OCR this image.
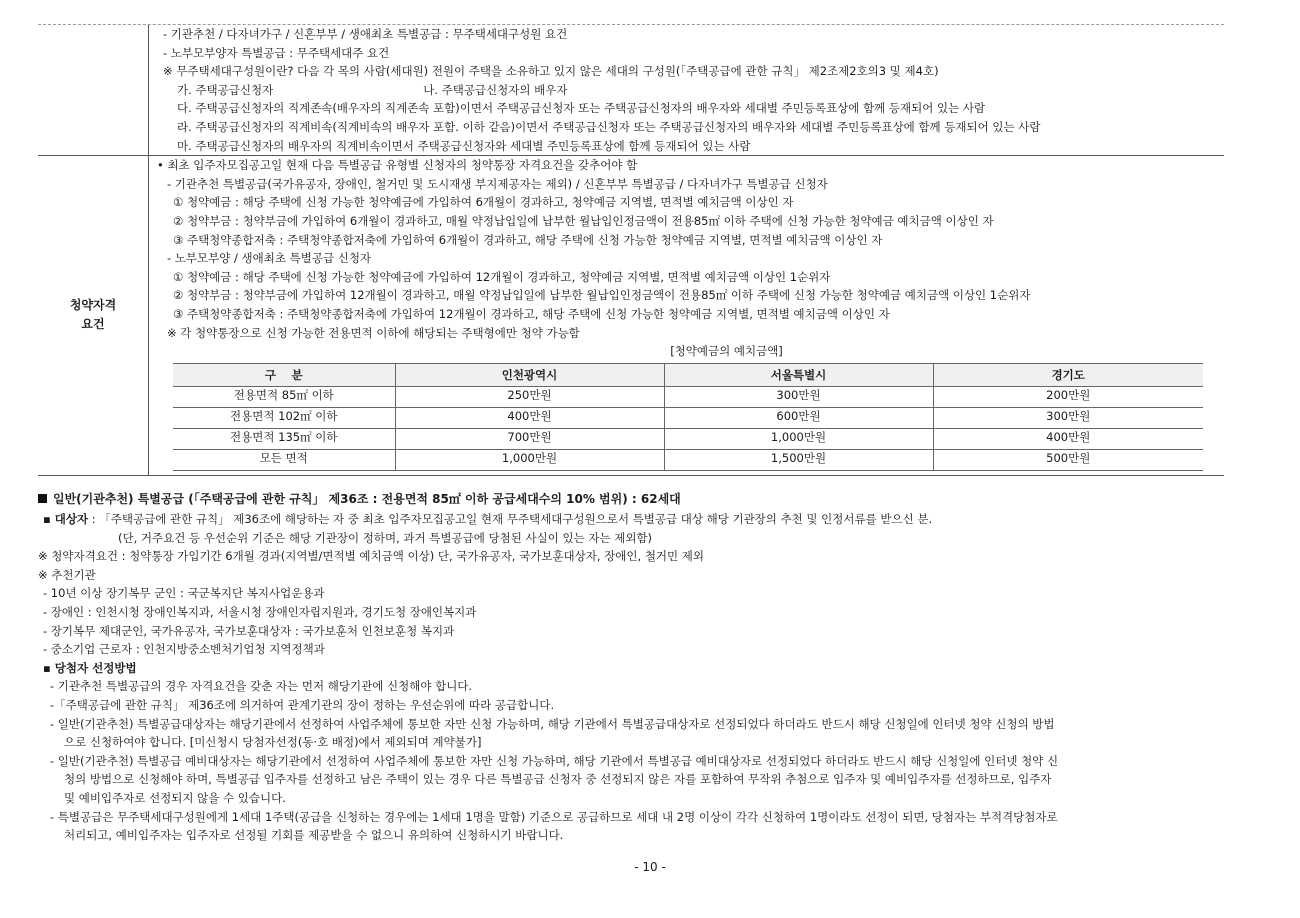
- 기관추천 / 다자녀가구 / 신혼부부 / 생애최초 특별공급 : 무주택세대구성원 요건
- 노부모부양자 특별공급 : 무주택세대주 요건
※ 무주택세대구성원이란? 다음 각 목의 사람(세대원) 전원이 주택을 소유하고 있지 않은 세대의 구성원(「주택공급에 관한 규칙」 제2조제2호의3 및 제4호)
가. 주택공급신청자	나. 주택공급신청자의 배우자
다. 주택공급신청자의 직계존속(배우자의 직계존속 포함)이면서 주택공급신청자 또는 주택공급신청자의 배우자와 세대별 주민등록표상에 함께 등재되어 있는 사람
라. 주택공급신청자의 직계비속(직계비속의 배우자 포함. 이하 같음)이면서 주택공급신청자 또는 주택공급신청자의 배우자와 세대별 주민등록표상에 함께 등재되어 있는 사람
마. 주택공급신청자의 배우자의 직계비속이면서 주택공급신청자와 세대별 주민등록표상에 함께 등재되어 있는 사람

청약자격
요건

• 최초 입주자모집공고일 현재 다음 특별공급 유형별 신청자의 청약통장 자격요건을 갖추어야 함
- 기관추천 특별공급(국가유공자, 장애인, 철거민 및 도시재생 부지제공자는 제외) / 신혼부부 특별공급 / 다자녀가구 특별공급 신청자
① 청약예금 : 해당 주택에 신청 가능한 청약예금에 가입하여 6개월이 경과하고, 청약예금 지역별, 면적별 예치금액 이상인 자
② 청약부금 : 청약부금에 가입하여 6개월이 경과하고, 매월 약정납입일에 납부한 월납입인정금액이 전용85㎡ 이하 주택에 신청 가능한 청약예금 예치금액 이상인 자
③ 주택청약종합저축 : 주택청약종합저축에 가입하여 6개월이 경과하고, 해당 주택에 신청 가능한 청약예금 지역별, 면적별 예치금액 이상인 자
- 노부모부양 / 생애최초 특별공급 신청자
① 청약예금 : 해당 주택에 신청 가능한 청약예금에 가입하여 12개월이 경과하고, 청약예금 지역별, 면적별 예치금액 이상인 1순위자
② 청약부금 : 청약부금에 가입하여 12개월이 경과하고, 매월 약정납입일에 납부한 월납입인정금액이 전용85㎡ 이하 주택에 신청 가능한 청약예금 예치금액 이상인 1순위자
③ 주택청약종합저축 : 주택청약종합저축에 가입하여 12개월이 경과하고, 해당 주택에 신청 가능한 청약예금 지역별, 면적별 예치금액 이상인 자
※ 각 청약통장으로 신청 가능한 전용면적 이하에 해당되는 주택형에만 청약 가능함
[청약예금의 예치금액]
구　 분	인천광역시	서울특별시	경기도
전용면적 85㎡ 이하	250만원	300만원	200만원
전용면적 102㎡ 이하	400만원	600만원	300만원
전용면적 135㎡ 이하	700만원	1,000만원	400만원
모든 면적	1,000만원	1,500만원	500만원
일반(기관추천) 특별공급 (「주택공급에 관한 규칙」 제36조 : 전용면적 85㎡ 이하 공급세대수의 10% 범위) : 62세대
▪ 대상자 : 「주택공급에 관한 규칙」 제36조에 해당하는 자 중 최초 입주자모집공고일 현재 무주택세대구성원으로서 특별공급 대상 해당 기관장의 추천 및 인정서류를 받으신 분.
(단, 거주요건 등 우선순위 기준은 해당 기관장이 정하며, 과거 특별공급에 당첨된 사실이 있는 자는 제외함)
※ 청약자격요건 : 청약통장 가입기간 6개월 경과(지역별/면적별 예치금액 이상) 단, 국가유공자, 국가보훈대상자, 장애인, 철거민 제외
※ 추천기관
- 10년 이상 장기복무 군인 : 국군복지단 복지사업운용과
- 장애인 : 인천시청 장애인복지과, 서울시청 장애인자립지원과, 경기도청 장애인복지과
- 장기복무 제대군인, 국가유공자, 국가보훈대상자 : 국가보훈처 인천보훈청 복지과
- 중소기업 근로자 : 인천지방중소벤처기업청 지역정책과
▪ 당첨자 선정방법
- 기관추천 특별공급의 경우 자격요건을 갖춘 자는 먼저 해당기관에 신청해야 합니다.
-「주택공급에 관한 규칙」 제36조에 의거하여 관계기관의 장이 정하는 우선순위에 따라 공급합니다.
- 일반(기관추천) 특별공급대상자는 해당기관에서 선정하여 사업주체에 통보한 자만 신청 가능하며, 해당 기관에서 특별공급대상자로 선정되었다 하더라도 반드시 해당 신청일에 인터넷 청약 신청의 방법
으로 신청하여야 합니다. [미신청시 당첨자선정(동·호 배정)에서 제외되며 계약불가]
- 일반(기관추천) 특별공급 예비대상자는 해당기관에서 선정하여 사업주체에 통보한 자만 신청 가능하며, 해당 기관에서 특별공급 예비대상자로 선정되었다 하더라도 반드시 해당 신청일에 인터넷 청약 신
청의 방법으로 신청해야 하며, 특별공급 입주자를 선정하고 남은 주택이 있는 경우 다른 특별공급 신청자 중 선정되지 않은 자를 포함하여 무작위 추첨으로 입주자 및 예비입주자를 선정하므로, 입주자
및 예비입주자로 선정되지 않을 수 있습니다.
- 특별공급은 무주택세대구성원에게 1세대 1주택(공급을 신청하는 경우에는 1세대 1명을 말함) 기준으로 공급하므로 세대 내 2명 이상이 각각 신청하여 1명이라도 선정이 되면, 당첨자는 부적격당첨자로
처리되고, 예비입주자는 입주자로 선정될 기회를 제공받을 수 없으니 유의하여 신청하시기 바랍니다.
- 10 -
